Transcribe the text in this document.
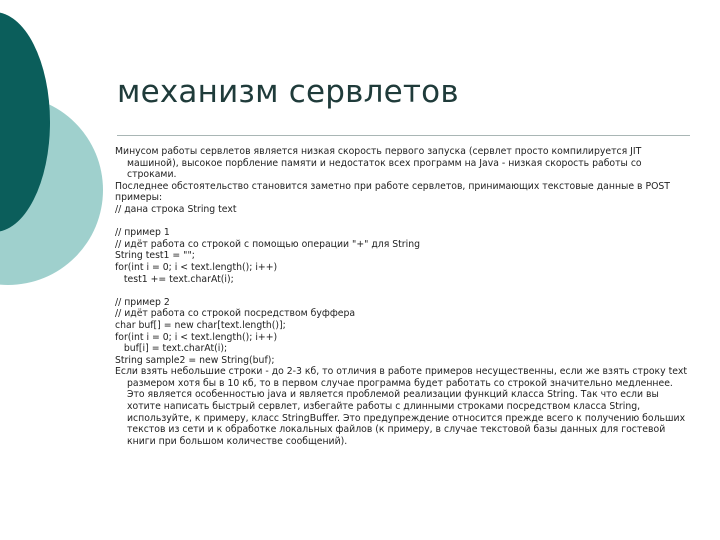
механизм сервлетов

Минусом работы сервлетов является низкая скорость первого запуска (сервлет просто компилируется JIT машиной), высокое порбление памяти и недостаток всех программ на Java - низкая скорость работы со строками.

Последнее обстоятельство становится заметно при работе сервлетов, принимающих текстовые данные в POST

примеры:

// дана строка String text

// пример 1

// идёт работа со строкой с помощью операции "+" для String

String test1 = "";

for(int i = 0; i < text.length(); i++)

test1 += text.charAt(i);

// пример 2

// идёт работа со строкой посредством буффера

char buf[] = new char[text.length()];

for(int i = 0; i < text.length(); i++)

buf[i] = text.charAt(i);

String sample2 = new String(buf);

Если взять небольшие строки - до 2-3 кб, то отличия в работе примеров несущественны, если же взять строку text размером хотя бы в 10 кб, то в первом случае программа будет работать со строкой значительно медленнее. Это является особенностью java и является проблемой реализации функций класса String. Так что если вы хотите написать быстрый сервлет, избегайте работы с длинными строками посредством класса String, используйте, к примеру, класс StringBuffer. Это предупреждение относится прежде всего к получению больших текстов из сети и к обработке локальных файлов (к примеру, в случае текстовой базы данных для гостевой книги при большом количестве сообщений).
